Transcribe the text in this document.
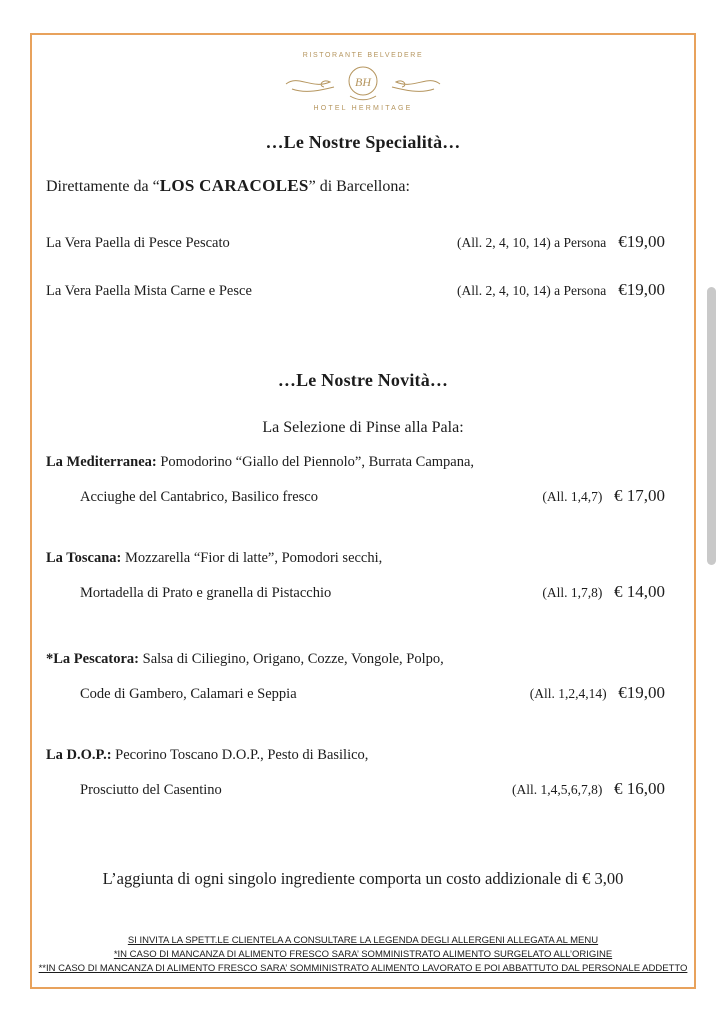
RISTORANTE BELVEDERE
BH
HOTEL HERMITAGE
…Le Nostre Specialità…
Direttamente da “LOS CARACOLES” di Barcellona:
La Vera Paella di Pesce Pescato	(All. 2, 4, 10, 14) a Persona €19,00
La Vera Paella Mista Carne e Pesce	(All. 2, 4, 10, 14) a Persona €19,00
…Le Nostre Novità…
La Selezione di Pinse alla Pala:
La Mediterranea: Pomodorino “Giallo del Piennolo”, Burrata Campana,
Acciughe del Cantabrico, Basilico fresco	(All. 1,4,7) € 17,00
La Toscana: Mozzarella “Fior di latte”, Pomodori secchi,
Mortadella di Prato e granella di Pistacchio	(All. 1,7,8) € 14,00
*La Pescatora: Salsa di Ciliegino, Origano, Cozze, Vongole, Polpo,
Code di Gambero, Calamari e Seppia	(All. 1,2,4,14) €19,00
La D.O.P.: Pecorino Toscano D.O.P., Pesto di Basilico,
Prosciutto del Casentino	(All. 1,4,5,6,7,8) € 16,00
L’aggiunta di ogni singolo ingrediente comporta un costo addizionale di € 3,00
SI INVITA LA SPETT.LE CLIENTELA A CONSULTARE LA LEGENDA DEGLI ALLERGENI ALLEGATA AL MENU
*IN CASO DI MANCANZA DI ALIMENTO FRESCO SARA’ SOMMINISTRATO ALIMENTO SURGELATO ALL’ORIGINE
**IN CASO DI MANCANZA DI ALIMENTO FRESCO SARA’ SOMMINISTRATO ALIMENTO LAVORATO E POI ABBATTUTO DAL PERSONALE ADDETTO
